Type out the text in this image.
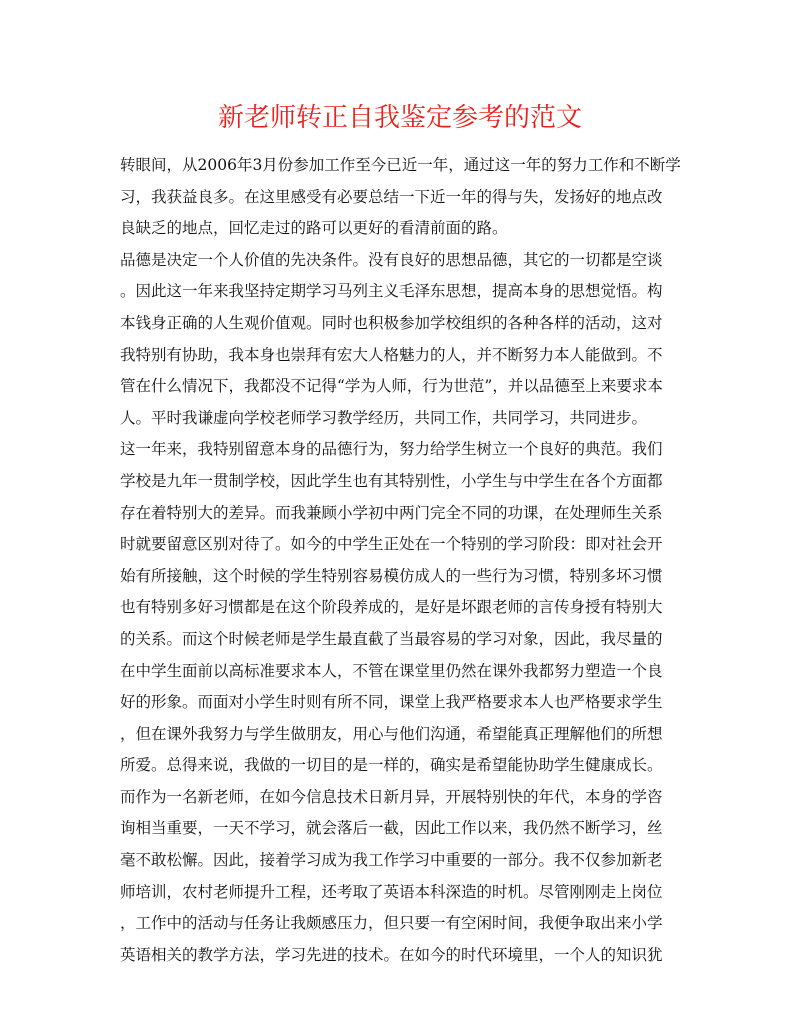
新老师转正自我鉴定参考的范文
转眼间，从2006年3月份参加工作至今已近一年，通过这一年的努力工作和不断学
习，我获益良多。在这里感受有必要总结一下近一年的得与失，发扬好的地点改
良缺乏的地点，回忆走过的路可以更好的看清前面的路。
品德是决定一个人价值的先决条件。没有良好的思想品德，其它的一切都是空谈
。因此这一年来我坚持定期学习马列主义毛泽东思想，提高本身的思想觉悟。构
本钱身正确的人生观价值观。同时也积极参加学校组织的各种各样的活动，这对
我特别有协助，我本身也崇拜有宏大人格魅力的人，并不断努力本人能做到。不
管在什么情况下，我都没不记得“学为人师，行为世范”，并以品德至上来要求本
人。平时我谦虚向学校老师学习教学经历，共同工作，共同学习，共同进步。
这一年来，我特别留意本身的品德行为，努力给学生树立一个良好的典范。我们
学校是九年一贯制学校，因此学生也有其特别性，小学生与中学生在各个方面都
存在着特别大的差异。而我兼顾小学初中两门完全不同的功课，在处理师生关系
时就要留意区别对待了。如今的中学生正处在一个特别的学习阶段：即对社会开
始有所接触，这个时候的学生特别容易模仿成人的一些行为习惯，特别多坏习惯
也有特别多好习惯都是在这个阶段养成的，是好是坏跟老师的言传身授有特别大
的关系。而这个时候老师是学生最直截了当最容易的学习对象，因此，我尽量的
在中学生面前以高标准要求本人，不管在课堂里仍然在课外我都努力塑造一个良
好的形象。而面对小学生时则有所不同，课堂上我严格要求本人也严格要求学生
，但在课外我努力与学生做朋友，用心与他们沟通，希望能真正理解他们的所想
所爱。总得来说，我做的一切目的是一样的，确实是希望能协助学生健康成长。
而作为一名新老师，在如今信息技术日新月异，开展特别快的年代，本身的学咨
询相当重要，一天不学习，就会落后一截，因此工作以来，我仍然不断学习，丝
毫不敢松懈。因此，接着学习成为我工作学习中重要的一部分。我不仅参加新老
师培训，农村老师提升工程，还考取了英语本科深造的时机。尽管刚刚走上岗位
，工作中的活动与任务让我颇感压力，但只要一有空闲时间，我便争取出来小学
英语相关的教学方法，学习先进的技术。在如今的时代环境里，一个人的知识犹
